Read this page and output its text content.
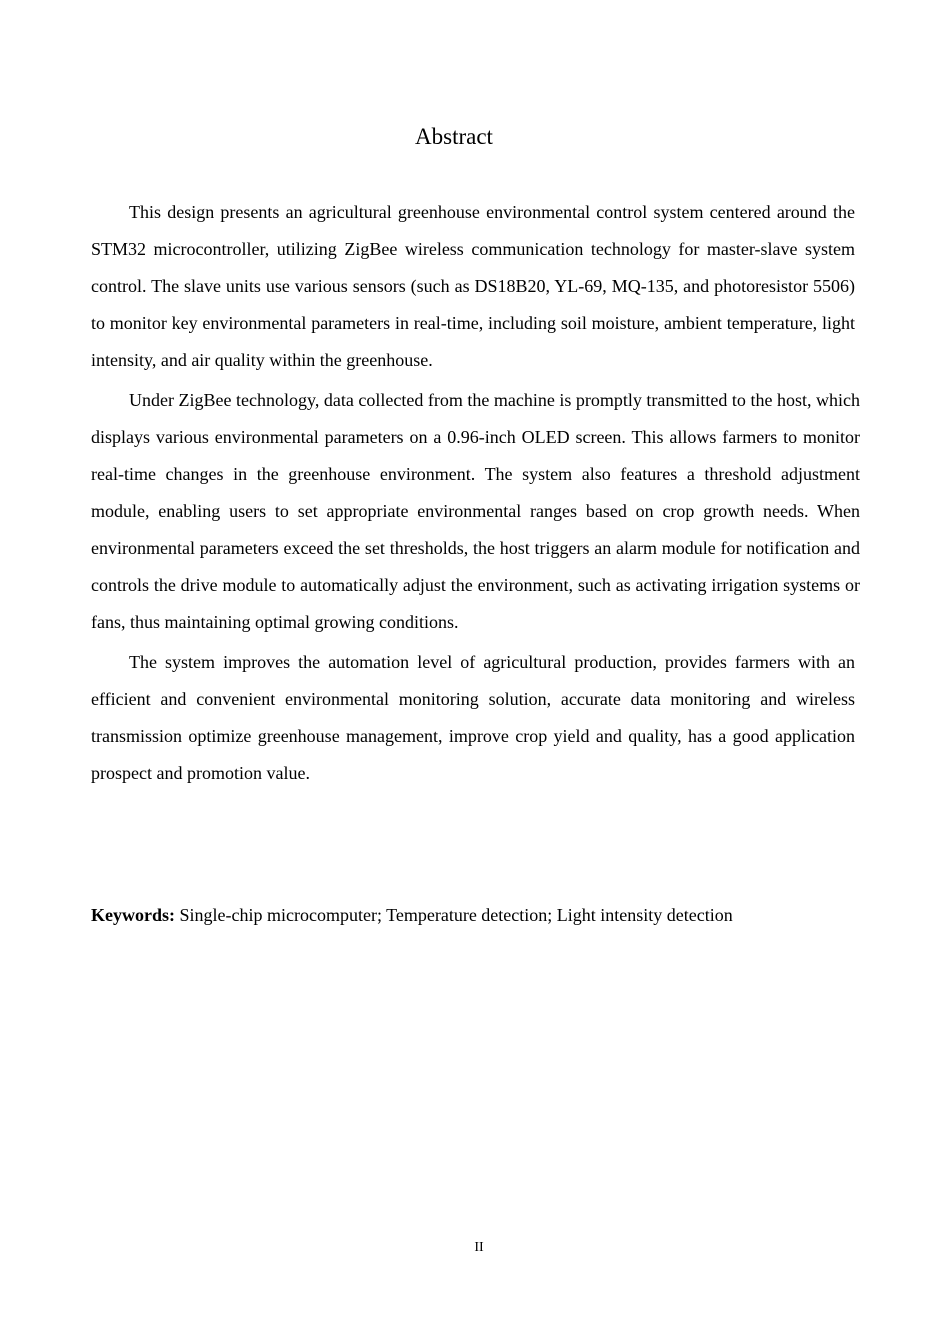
Abstract

This design presents an agricultural greenhouse environmental control system centered around the STM32 microcontroller, utilizing ZigBee wireless communication technology for master-slave system control. The slave units use various sensors (such as DS18B20, YL-69, MQ-135, and photoresistor 5506) to monitor key environmental parameters in real-time, including soil moisture, ambient temperature, light intensity, and air quality within the greenhouse.

Under ZigBee technology, data collected from the machine is promptly transmitted to the host, which displays various environmental parameters on a 0.96-inch OLED screen. This allows farmers to monitor real-time changes in the greenhouse environment. The system also features a threshold adjustment module, enabling users to set appropriate environmental ranges based on crop growth needs. When environmental parameters exceed the set thresholds, the host triggers an alarm module for notification and controls the drive module to automatically adjust the environment, such as activating irrigation systems or fans, thus maintaining optimal growing conditions.

The system improves the automation level of agricultural production, provides farmers with an efficient and convenient environmental monitoring solution, accurate data monitoring and wireless transmission optimize greenhouse management, improve crop yield and quality, has a good application prospect and promotion value.

Keywords: Single-chip microcomputer; Temperature detection; Light intensity detection
II
